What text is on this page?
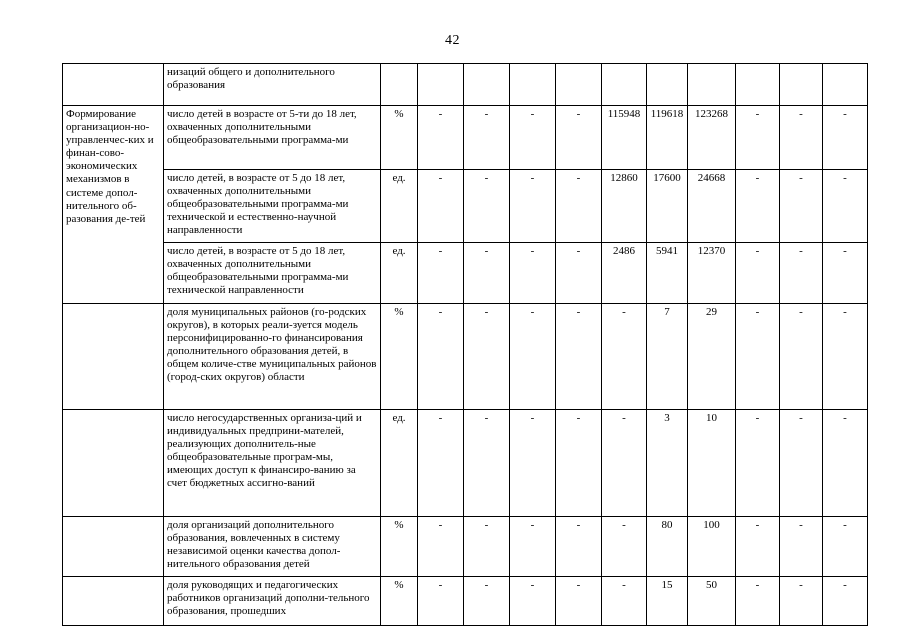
42
	низаций общего и дополнительного образования											
Формирование организацион-но-управленчес-ких и финан-сово-экономических механизмов в системе допол-нительного об-разования де-тей	число детей в возрасте от 5-ти до 18 лет, охваченных дополнительными общеобразовательными программа-ми	%	-	-	-	-	115948	119618	123268	-	-	-
	число детей, в возрасте от 5 до 18 лет, охваченных дополнительными общеобразовательными программа-ми технической и естественно-научной направленности	ед.	-	-	-	-	12860	17600	24668	-	-	-
	число детей, в возрасте от 5 до 18 лет, охваченных дополнительными общеобразовательными программа-ми технической направленности	ед.	-	-	-	-	2486	5941	12370	-	-	-
	доля муниципальных районов (го-родских округов), в которых реали-зуется модель персонифицированно-го финансирования дополнительного образования детей, в общем количе-стве муниципальных районов (город-ских округов) области	%	-	-	-	-	-	7	29	-	-	-
	число негосударственных организа-ций и индивидуальных предприни-мателей, реализующих дополнитель-ные общеобразовательные програм-мы, имеющих доступ к финансиро-ванию за счет бюджетных ассигно-ваний	ед.	-	-	-	-	-	3	10	-	-	-
	доля организаций дополнительного образования, вовлеченных в систему независимой оценки качества допол-нительного образования детей	%	-	-	-	-	-	80	100	-	-	-
	доля руководящих и педагогических работников организаций дополни-тельного образования, прошедших	%	-	-	-	-	-	15	50	-	-	-
